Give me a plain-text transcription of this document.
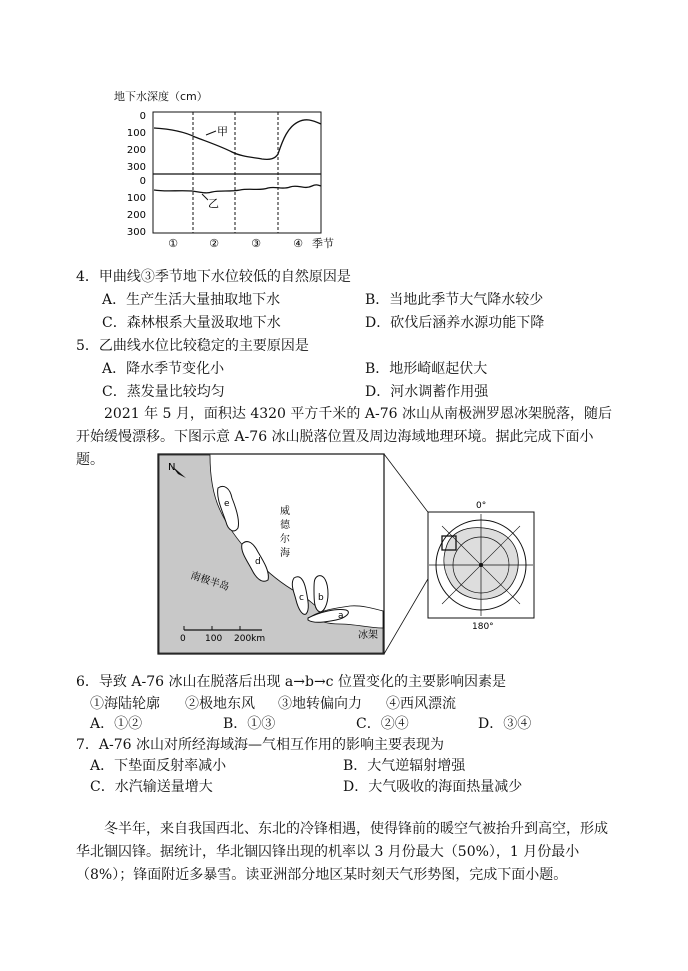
地下水深度（cm）
0
100
200
300
0
100
200
300
甲
乙
①	②	③	④ 季节
4．甲曲线③季节地下水位较低的自然原因是
A．生产生活大量抽取地下水	B．当地此季节大气降水较少
C．森林根系大量汲取地下水	D．砍伐后涵养水源功能下降
5．乙曲线水位比较稳定的主要原因是
A．降水季节变化小	B．地形崎岖起伏大
C．蒸发量比较均匀	D．河水调蓄作用强
2021 年 5 月，面积达 4320 平方千米的 A-76 冰山从南极洲罗恩冰架脱落，随后开始缓慢漂移。下图示意 A-76 冰山脱落位置及周边海域地理环境。据此完成下面小题。	N
e
d
c b
a
威
德
尔
海
南极半岛
冰架
0 100 200km
0°
180°
6．导致 A-76 冰山在脱落后出现 a→b→c 位置变化的主要影响因素是
①海陆轮廓 ②极地东风 ③地转偏向力 ④西风漂流
A．①②	B．①③	C．②④	D．③④
7．A-76 冰山对所经海域海—气相互作用的影响主要表现为
A．下垫面反射率减小	B．大气逆辐射增强
C．水汽输送量增大	D．大气吸收的海面热量减少
冬半年，来自我国西北、东北的冷锋相遇，使得锋前的暖空气被抬升到高空，形成
华北锢囚锋。据统计，华北锢囚锋出现的机率以 3 月份最大（50%），1 月份最小
（8%）；锋面附近多暴雪。读亚洲部分地区某时刻天气形势图，完成下面小题。
